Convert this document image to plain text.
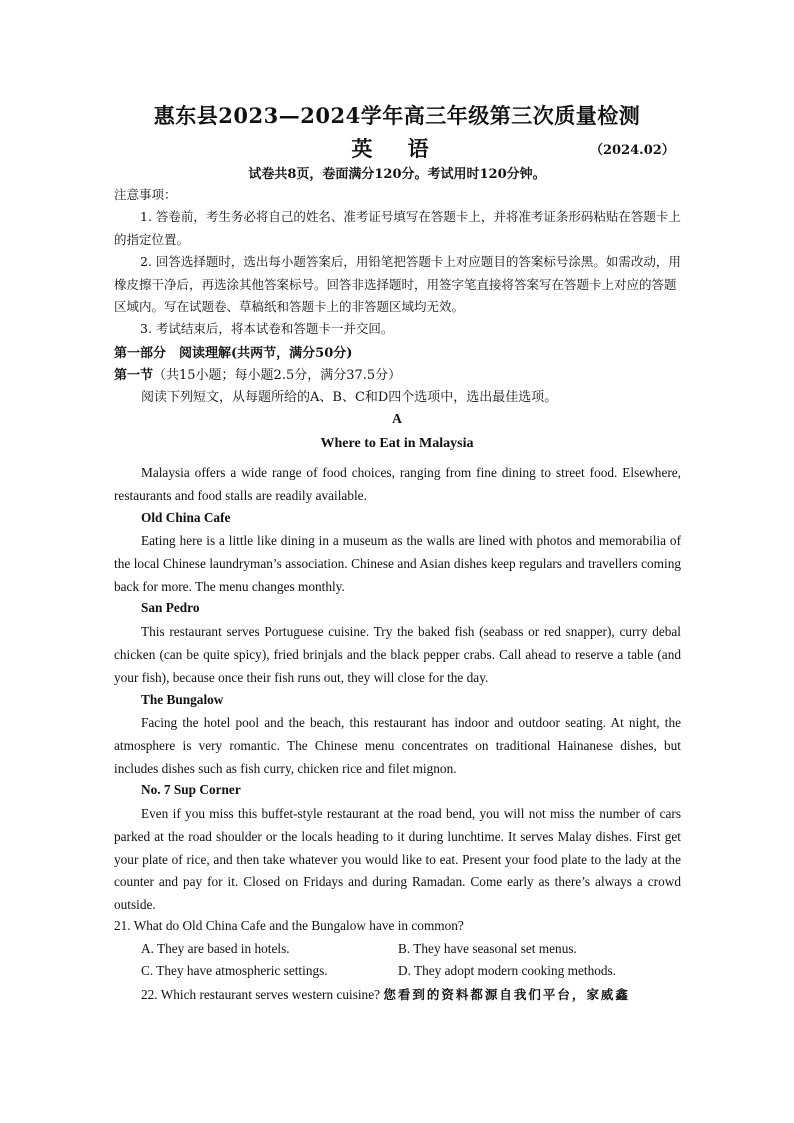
惠东县2023—2024学年高三年级第三次质量检测
英 语	（2024.02）
试卷共8页，卷面满分120分。考试用时120分钟。
注意事项：
1. 答卷前，考生务必将自己的姓名、准考证号填写在答题卡上，并将准考证条形码粘贴在答题卡上的指定位置。
2. 回答选择题时，选出每小题答案后，用铅笔把答题卡上对应题目的答案标号涂黑。如需改动，用橡皮擦干净后，再选涂其他答案标号。回答非选择题时，用签字笔直接将答案写在答题卡上对应的答题区域内。写在试题卷、草稿纸和答题卡上的非答题区域均无效。
3. 考试结束后，将本试卷和答题卡一并交回。
第一部分　阅读理解(共两节，满分50分)
第一节（共15小题；每小题2.5分，满分37.5分）
阅读下列短文，从每题所给的A、B、C和D四个选项中，选出最佳选项。
A
Where to Eat in Malaysia
Malaysia offers a wide range of food choices, ranging from fine dining to street food. Elsewhere, restaurants and food stalls are readily available.
Old China Cafe
Eating here is a little like dining in a museum as the walls are lined with photos and memorabilia of the local Chinese laundryman’s association. Chinese and Asian dishes keep regulars and travellers coming back for more. The menu changes monthly.
San Pedro
This restaurant serves Portuguese cuisine. Try the baked fish (seabass or red snapper), curry debal chicken (can be quite spicy), fried brinjals and the black pepper crabs. Call ahead to reserve a table (and your fish), because once their fish runs out, they will close for the day.
The Bungalow
Facing the hotel pool and the beach, this restaurant has indoor and outdoor seating. At night, the atmosphere is very romantic. The Chinese menu concentrates on traditional Hainanese dishes, but includes dishes such as fish curry, chicken rice and filet mignon.
No. 7 Sup Corner
Even if you miss this buffet-style restaurant at the road bend, you will not miss the number of cars parked at the road shoulder or the locals heading to it during lunchtime. It serves Malay dishes. First get your plate of rice, and then take whatever you would like to eat. Present your food plate to the lady at the counter and pay for it. Closed on Fridays and during Ramadan. Come early as there’s always a crowd outside.
21. What do Old China Cafe and the Bungalow have in common?
A. They are based in hotels.	B. They have seasonal set menus.
C. They have atmospheric settings.	D. They adopt modern cooking methods.
22. Which restaurant serves western cuisine? 您看到的资料都源自我们平台，家威鑫
